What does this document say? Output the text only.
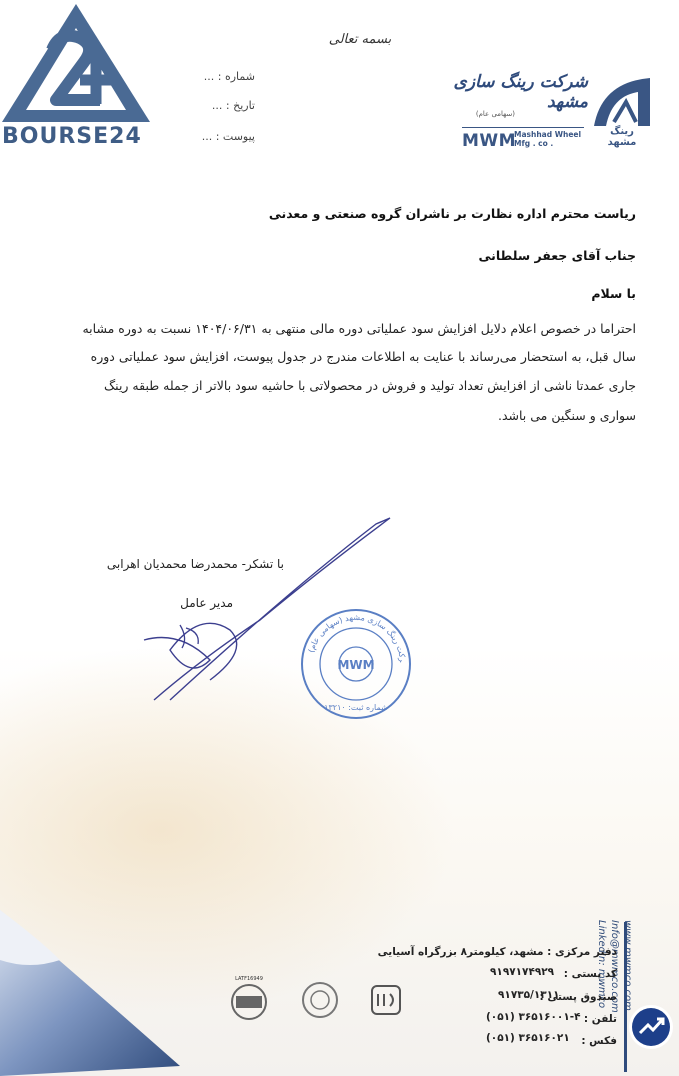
BOURSE24
شماره : ...
تاریخ : ...
پیوست : ...
بسمه تعالی
شرکت رینگ سازی مشهد
(سهامی عام)
MWM
Mashhad Wheel
Mfg . co .
رینگ مشهد
ریاست محترم اداره نظارت بر ناشران گروه صنعتی و معدنی
جناب آقای جعفر سلطانی
با سلام
احتراما در خصوص اعلام دلایل افزایش سود عملیاتی دوره مالی منتهی به ۱۴۰۴/۰۶/۳۱ نسبت به دوره مشابه
سال قبل، به استحضار می‌رساند با عنایت به اطلاعات مندرج در جدول پیوست، افزایش سود عملیاتی دوره
جاری عمدتا ناشی از افزایش تعداد تولید و فروش در محصولاتی با حاشیه سود بالاتر از جمله طبقه رینگ
سواری و سنگین می باشد.
با تشکر- محمدرضا محمدیان اهرابی
مدیر عامل
MWM	رکت رینگ سازی مشهد (سهامی عام)
شماره ثبت: ۱۳۲۱۰
www.mwmco.com
Info@mwmco.com
LinkedIn: mwmco
دفتر مرکزی : مشهد، کیلومتر۸ بزرگراه آسیایی
کد پستی :
۹۱۹۷۱۷۴۹۲۹
صندوق پستی :
۹۱۷۳۵/۱۳۱۱
تلفن :
(۰۵۱) ۳۶۵۱۶۰۰۱-۴
فکس :
(۰۵۱) ۳۶۵۱۶۰۲۱
LATF16949
